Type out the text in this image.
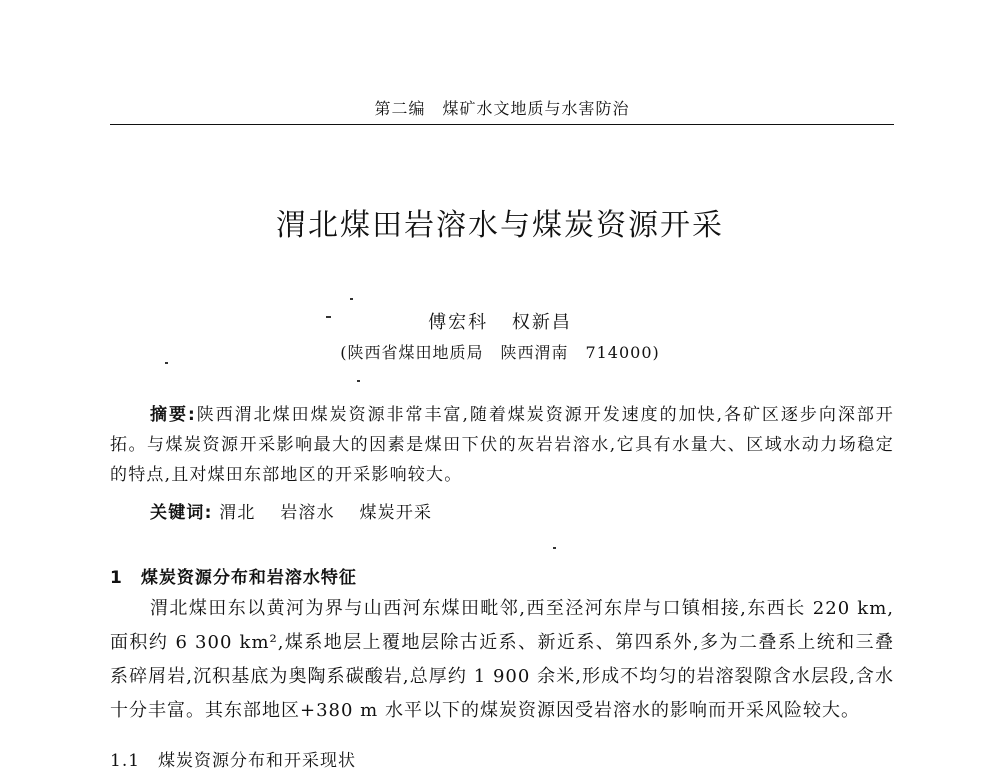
第二编　煤矿水文地质与水害防治
渭北煤田岩溶水与煤炭资源开采
傅宏科 权新昌
(陕西省煤田地质局　陕西渭南　714000)

摘要:陕西渭北煤田煤炭资源非常丰富,随着煤炭资源开发速度的加快,各矿区逐步向深部开拓。与煤炭资源开采影响最大的因素是煤田下伏的灰岩岩溶水,它具有水量大、区域水动力场稳定的特点,且对煤田东部地区的开采影响较大。

关键词: 渭北 岩溶水 煤炭开采
1 煤炭资源分布和岩溶水特征

渭北煤田东以黄河为界与山西河东煤田毗邻,西至泾河东岸与口镇相接,东西长 220 km,面积约 6 300 km²,煤系地层上覆地层除古近系、新近系、第四系外,多为二叠系上统和三叠系碎屑岩,沉积基底为奥陶系碳酸岩,总厚约 1 900 余米,形成不均匀的岩溶裂隙含水层段,含水十分丰富。其东部地区+380 m 水平以下的煤炭资源因受岩溶水的影响而开采风险较大。

1.1　煤炭资源分布和开采现状
